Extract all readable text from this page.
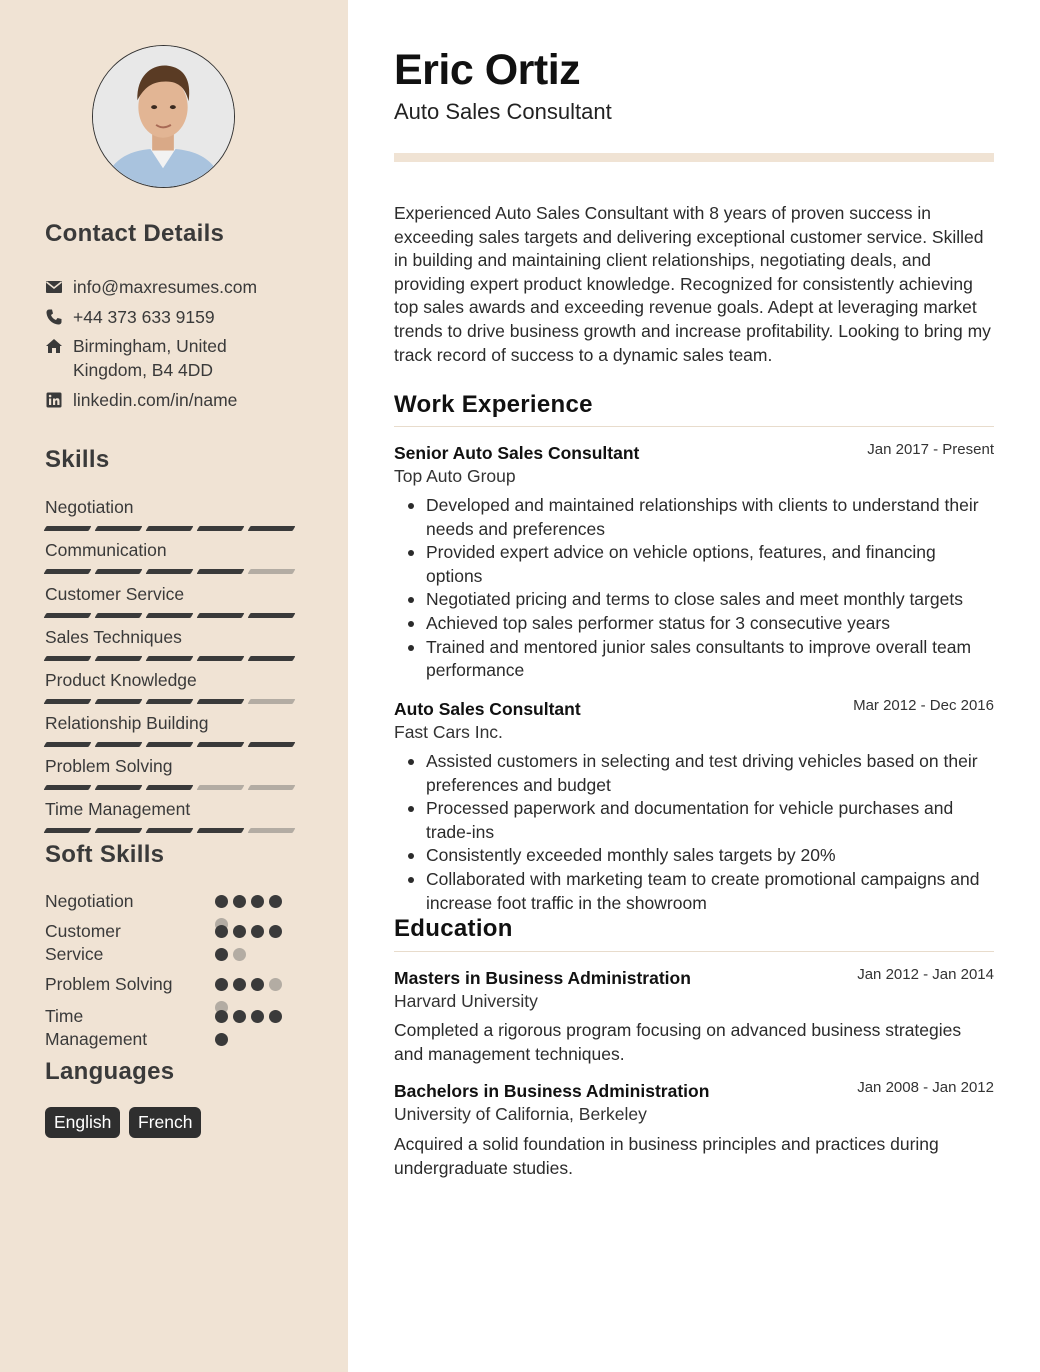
Contact Details
info@maxresumes.com
+44 373 633 9159
Birmingham, United
Kingdom, B4 4DD
linkedin.com/in/name
Skills
Negotiation
Communication
Customer Service
Sales Techniques
Product Knowledge
Relationship Building
Problem Solving
Time Management
Soft Skills
Negotiation
Customer
Service
Problem Solving
Time
Management
Languages
English	French
Eric Ortiz
Auto Sales Consultant
Experienced Auto Sales Consultant with 8 years of proven success in exceeding sales targets and delivering exceptional customer service. Skilled in building and maintaining client relationships, negotiating deals, and providing expert product knowledge. Recognized for consistently achieving top sales awards and exceeding revenue goals. Adept at leveraging market trends to drive business growth and increase profitability. Looking to bring my track record of success to a dynamic sales team.
Work Experience
Senior Auto Sales Consultant	Jan 2017 - Present
Top Auto Group
Developed and maintained relationships with clients to understand their needs and preferences
Provided expert advice on vehicle options, features, and financing options
Negotiated pricing and terms to close sales and meet monthly targets
Achieved top sales performer status for 3 consecutive years
Trained and mentored junior sales consultants to improve overall team performance
Auto Sales Consultant	Mar 2012 - Dec 2016
Fast Cars Inc.
Assisted customers in selecting and test driving vehicles based on their preferences and budget
Processed paperwork and documentation for vehicle purchases and trade-ins
Consistently exceeded monthly sales targets by 20%
Collaborated with marketing team to create promotional campaigns and increase foot traffic in the showroom
Education
Masters in Business Administration	Jan 2012 - Jan 2014
Harvard University
Completed a rigorous program focusing on advanced business strategies and management techniques.
Bachelors in Business Administration	Jan 2008 - Jan 2012
University of California, Berkeley
Acquired a solid foundation in business principles and practices during undergraduate studies.
